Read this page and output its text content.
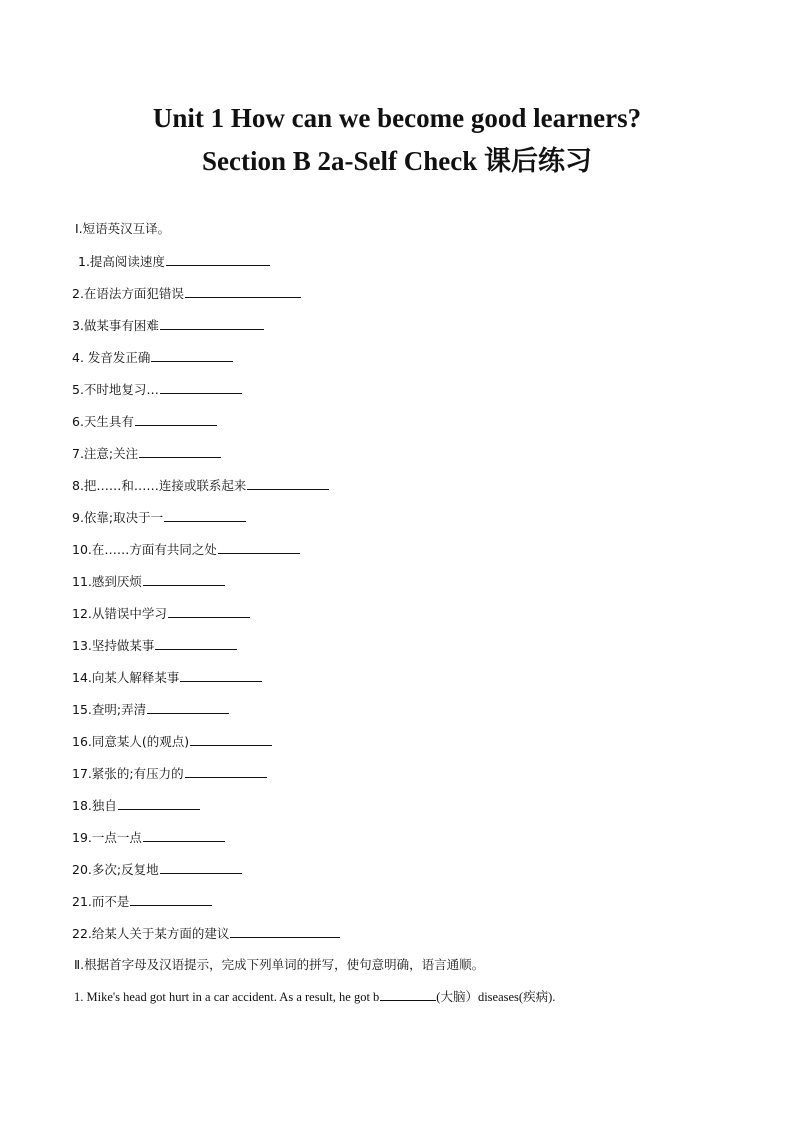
Unit 1 How can we become good learners?
Section B 2a-Self Check 课后练习
Ⅰ.短语英汉互译。
1.提高阅读速度
2.在语法方面犯错误
3.做某事有困难
4. 发音发正确
5.不时地复习…
6.天生具有
7.注意;关注
8.把……和……连接或联系起来
9.依靠;取决于一
10.在……方面有共同之处
11.感到厌烦
12.从错误中学习
13.坚持做某事
14.向某人解释某事
15.查明;弄清
16.同意某人(的观点)
17.紧张的;有压力的
18.独自
19.一点一点
20.多次;反复地
21.而不是
22.给某人关于某方面的建议
Ⅱ.根据首字母及汉语提示，完成下列单词的拼写，使句意明确，语言通顺。
1. Mike's head got hurt in a car accident. As a result, he got b	(大脑）diseases(疾病).
